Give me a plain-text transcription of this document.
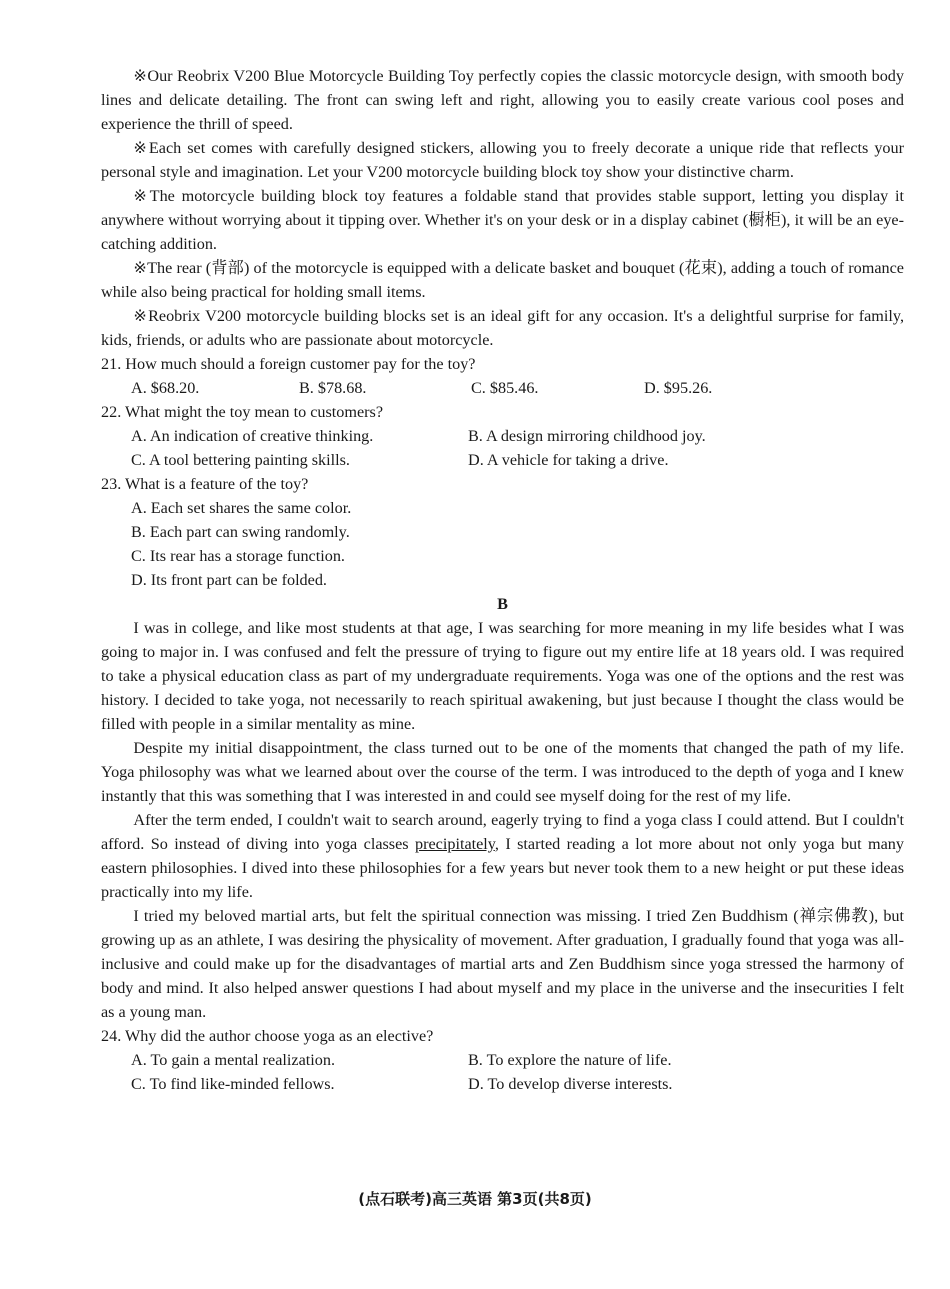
※Our Reobrix V200 Blue Motorcycle Building Toy perfectly copies the classic motorcycle design, with smooth body lines and delicate detailing. The front can swing left and right, allowing you to easily create various cool poses and experience the thrill of speed.

※Each set comes with carefully designed stickers, allowing you to freely decorate a unique ride that reflects your personal style and imagination. Let your V200 motorcycle building block toy show your distinctive charm.

※The motorcycle building block toy features a foldable stand that provides stable support, letting you display it anywhere without worrying about it tipping over. Whether it's on your desk or in a display cabinet (橱柜), it will be an eye-catching addition.

※The rear (背部) of the motorcycle is equipped with a delicate basket and bouquet (花束), adding a touch of romance while also being practical for holding small items.

※Reobrix V200 motorcycle building blocks set is an ideal gift for any occasion. It's a delightful surprise for family, kids, friends, or adults who are passionate about motorcycle.

21. How much should a foreign customer pay for the toy?

A. $68.20.	B. $78.68.	C. $85.46.	D. $95.26.

22. What might the toy mean to customers?

A. An indication of creative thinking.	B. A design mirroring childhood joy.
C. A tool bettering painting skills.	D. A vehicle for taking a drive.

23. What is a feature of the toy?

A. Each set shares the same color.
B. Each part can swing randomly.
C. Its rear has a storage function.
D. Its front part can be folded.

B

I was in college, and like most students at that age, I was searching for more meaning in my life besides what I was going to major in. I was confused and felt the pressure of trying to figure out my entire life at 18 years old. I was required to take a physical education class as part of my undergraduate requirements. Yoga was one of the options and the rest was history. I decided to take yoga, not necessarily to reach spiritual awakening, but just because I thought the class would be filled with people in a similar mentality as mine.

Despite my initial disappointment, the class turned out to be one of the moments that changed the path of my life. Yoga philosophy was what we learned about over the course of the term. I was introduced to the depth of yoga and I knew instantly that this was something that I was interested in and could see myself doing for the rest of my life.

After the term ended, I couldn't wait to search around, eagerly trying to find a yoga class I could attend. But I couldn't afford. So instead of diving into yoga classes precipitately, I started reading a lot more about not only yoga but many eastern philosophies. I dived into these philosophies for a few years but never took them to a new height or put these ideas practically into my life.

I tried my beloved martial arts, but felt the spiritual connection was missing. I tried Zen Buddhism (禅宗佛教), but growing up as an athlete, I was desiring the physicality of movement. After graduation, I gradually found that yoga was all-inclusive and could make up for the disadvantages of martial arts and Zen Buddhism since yoga stressed the harmony of body and mind. It also helped answer questions I had about myself and my place in the universe and the insecurities I felt as a young man.

24. Why did the author choose yoga as an elective?

A. To gain a mental realization.	B. To explore the nature of life.
C. To find like-minded fellows.	D. To develop diverse interests.
(点石联考)高三英语 第3页(共8页)
